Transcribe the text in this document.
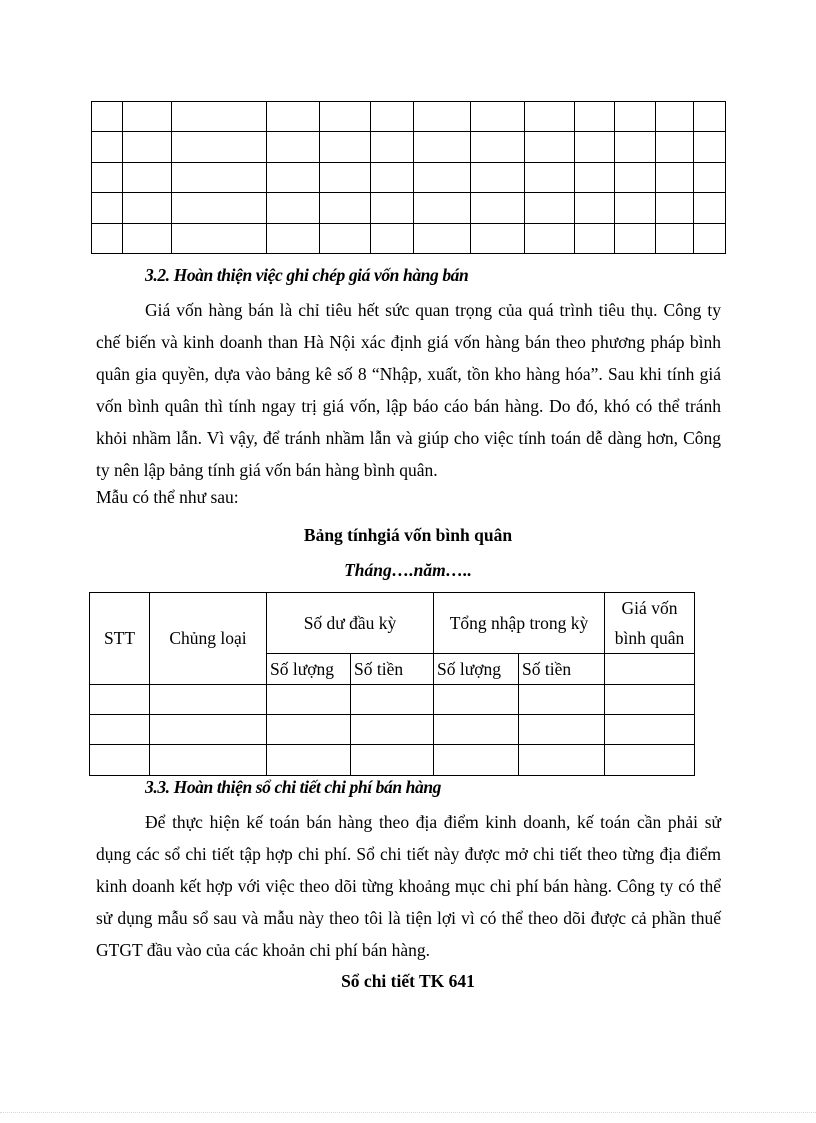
3.2. Hoàn thiện việc ghi chép giá vốn hàng bán

Giá vốn hàng bán là chỉ tiêu hết sức quan trọng của quá trình tiêu thụ. Công ty chế biến và kinh doanh than Hà Nội xác định giá vốn hàng bán theo phương pháp bình quân gia quyền, dựa vào bảng kê số 8 “Nhập, xuất, tồn kho hàng hóa”. Sau khi tính giá vốn bình quân thì tính ngay trị giá vốn, lập báo cáo bán hàng. Do đó, khó có thể tránh khỏi nhầm lẫn. Vì vậy, để tránh nhầm lẫn và giúp cho việc tính toán dễ dàng hơn, Công ty nên lập bảng tính giá vốn bán hàng bình quân.

Mẫu có thể như sau:

Bảng tínhgiá vốn bình quân
Tháng….năm…..
STT	Chủng loại	Số dư đầu kỳ		Tổng nhập trong kỳ		Giá vốn
bình quân
		Số lượng	Số tiền	Số lượng	Số tiền	

3.3. Hoàn thiện sổ chi tiết chi phí bán hàng

Để thực hiện kế toán bán hàng theo địa điểm kinh doanh, kế toán cần phải sử dụng các sổ chi tiết tập hợp chi phí. Sổ chi tiết này được mở chi tiết theo từng địa điểm kinh doanh kết hợp với việc theo dõi từng khoảng mục chi phí bán hàng. Công ty có thể sử dụng mẫu sổ sau và mẫu này theo tôi là tiện lợi vì có thể theo dõi được cả phần thuế GTGT đầu vào của các khoản chi phí bán hàng.

Sổ chi tiết TK 641
